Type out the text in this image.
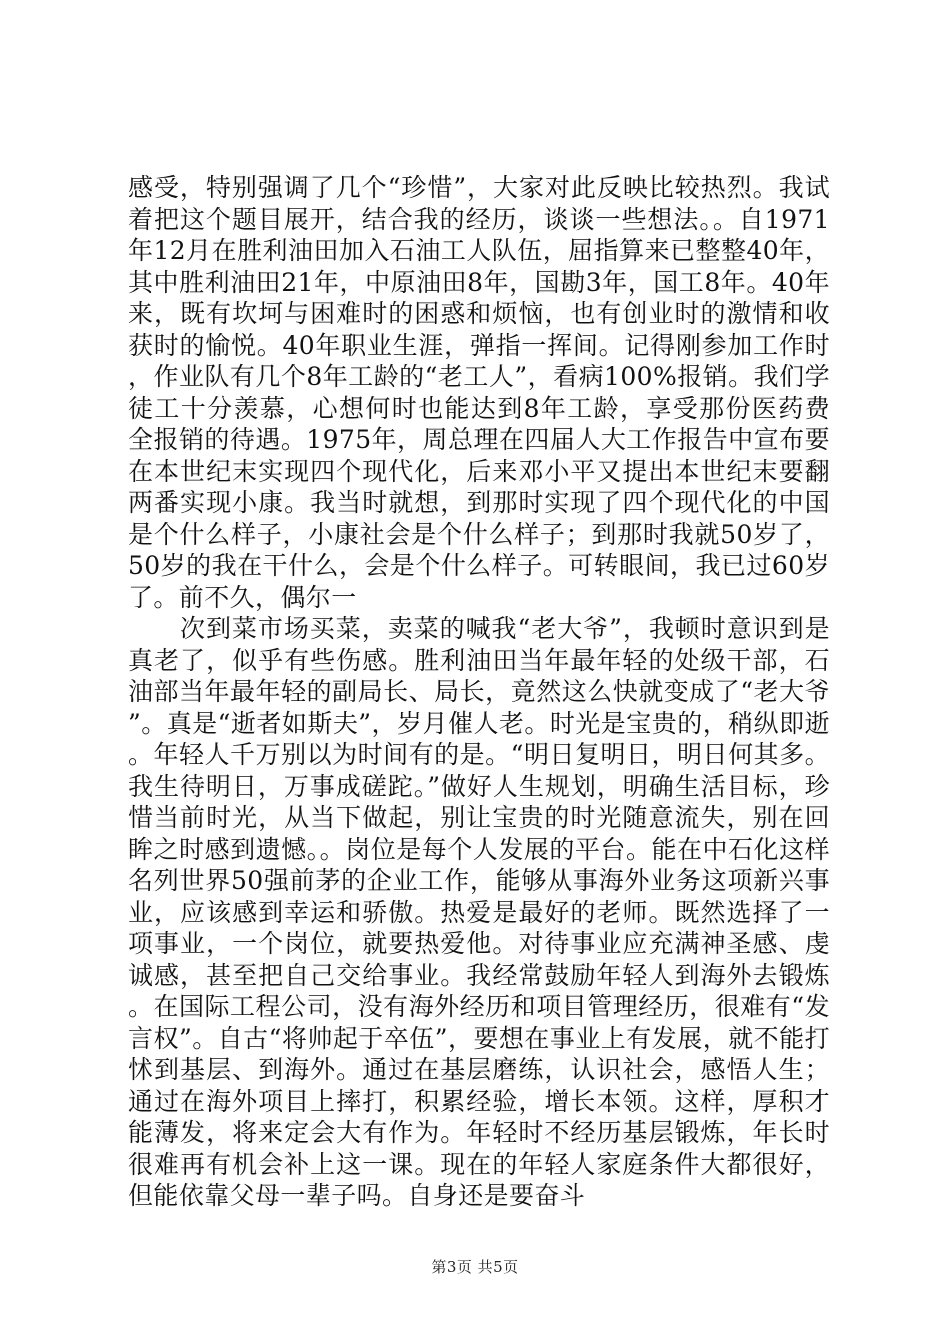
感受，特别强调了几个“珍惜”，大家对此反映比较热烈。我试着把这个题目展开，结合我的经历，谈谈一些想法。。自1971年12月在胜利油田加入石油工人队伍，屈指算来已整整40年，其中胜利油田21年，中原油田8年，国勘3年，国工8年。40年来，既有坎坷与困难时的困惑和烦恼，也有创业时的激情和收获时的愉悦。40年职业生涯，弹指一挥间。记得刚参加工作时，作业队有几个8年工龄的“老工人”，看病100%报销。我们学徒工十分羡慕，心想何时也能达到8年工龄，享受那份医药费全报销的待遇。1975年，周总理在四届人大工作报告中宣布要在本世纪末实现四个现代化，后来邓小平又提出本世纪末要翻两番实现小康。我当时就想，到那时实现了四个现代化的中国是个什么样子，小康社会是个什么样子；到那时我就50岁了，50岁的我在干什么，会是个什么样子。可转眼间，我已过60岁了。前不久，偶尔一

次到菜市场买菜，卖菜的喊我“老大爷”，我顿时意识到是真老了，似乎有些伤感。胜利油田当年最年轻的处级干部，石油部当年最年轻的副局长、局长，竟然这么快就变成了“老大爷”。真是“逝者如斯夫”，岁月催人老。时光是宝贵的，稍纵即逝。年轻人千万别以为时间有的是。“明日复明日，明日何其多。我生待明日，万事成磋跎。”做好人生规划，明确生活目标，珍惜当前时光，从当下做起，别让宝贵的时光随意流失，别在回眸之时感到遗憾。。岗位是每个人发展的平台。能在中石化这样名列世界50强前茅的企业工作，能够从事海外业务这项新兴事业，应该感到幸运和骄傲。热爱是最好的老师。既然选择了一项事业，一个岗位，就要热爱他。对待事业应充满神圣感、虔诚感，甚至把自己交给事业。我经常鼓励年轻人到海外去锻炼。在国际工程公司，没有海外经历和项目管理经历，很难有“发言权”。自古“将帅起于卒伍”，要想在事业上有发展，就不能打怵到基层、到海外。通过在基层磨练，认识社会，感悟人生；通过在海外项目上摔打，积累经验，增长本领。这样，厚积才能薄发，将来定会大有作为。年轻时不经历基层锻炼，年长时很难再有机会补上这一课。现在的年轻人家庭条件大都很好，但能依靠父母一辈子吗。自身还是要奋斗

第3页 共5页
